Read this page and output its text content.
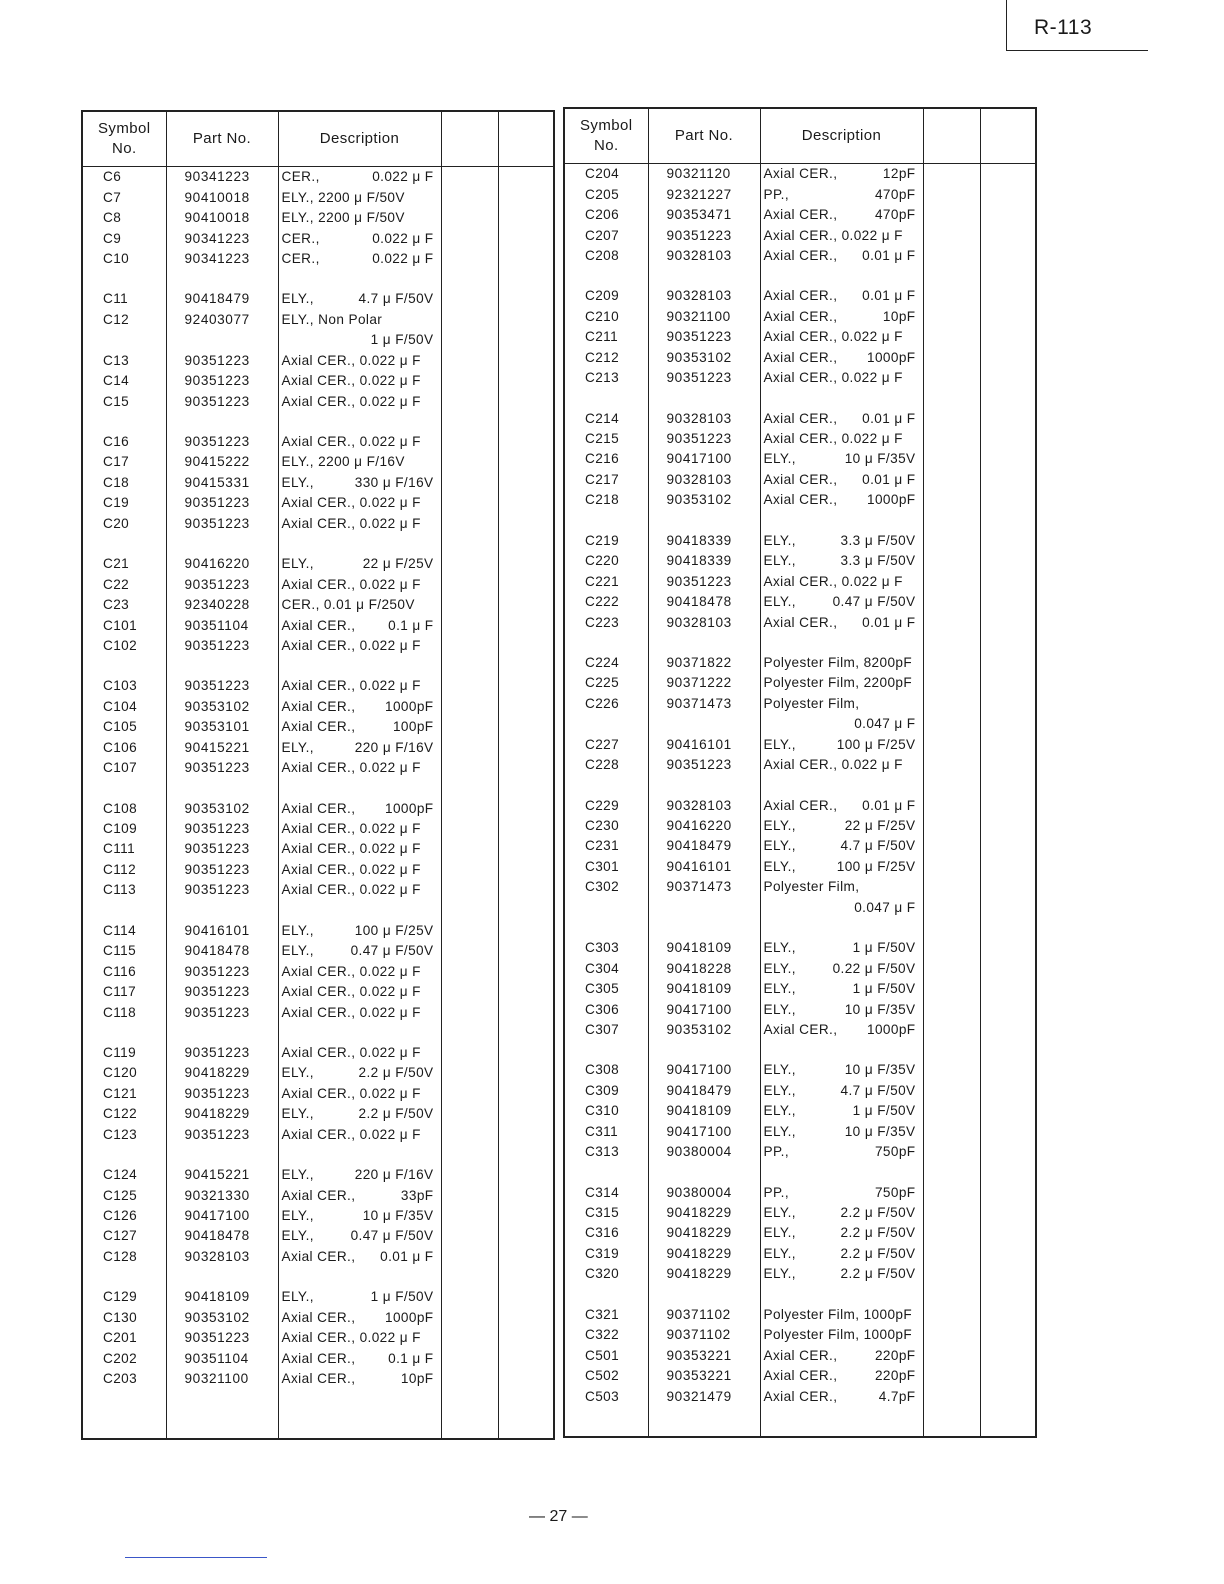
R-113
Symbol
No.	Part No.	Description		
C6	90341223	CER., 0.022 μ F		

C7	90410018	ELY., 2200 μ F/50V		

C8	90410018	ELY., 2200 μ F/50V		

C9	90341223	CER., 0.022 μ F		

C10	90341223	CER., 0.022 μ F		

C11	90418479	ELY., 4.7 μ F/50V		

C12	92403077	ELY., Non Polar		

		1 μ F/50V		

C13	90351223	Axial CER., 0.022 μ F		

C14	90351223	Axial CER., 0.022 μ F		

C15	90351223	Axial CER., 0.022 μ F		

C16	90351223	Axial CER., 0.022 μ F		

C17	90415222	ELY., 2200 μ F/16V		

C18	90415331	ELY., 330 μ F/16V		

C19	90351223	Axial CER., 0.022 μ F		

C20	90351223	Axial CER., 0.022 μ F		

C21	90416220	ELY., 22 μ F/25V		

C22	90351223	Axial CER., 0.022 μ F		

C23	92340228	CER., 0.01 μ F/250V		

C101	90351104	Axial CER., 0.1 μ F		

C102	90351223	Axial CER., 0.022 μ F		

C103	90351223	Axial CER., 0.022 μ F		

C104	90353102	Axial CER., 1000pF		

C105	90353101	Axial CER., 100pF		

C106	90415221	ELY., 220 μ F/16V		

C107	90351223	Axial CER., 0.022 μ F		

C108	90353102	Axial CER., 1000pF		

C109	90351223	Axial CER., 0.022 μ F		

C111	90351223	Axial CER., 0.022 μ F		

C112	90351223	Axial CER., 0.022 μ F		

C113	90351223	Axial CER., 0.022 μ F		

C114	90416101	ELY., 100 μ F/25V		

C115	90418478	ELY., 0.47 μ F/50V		

C116	90351223	Axial CER., 0.022 μ F		

C117	90351223	Axial CER., 0.022 μ F		

C118	90351223	Axial CER., 0.022 μ F		

C119	90351223	Axial CER., 0.022 μ F		

C120	90418229	ELY., 2.2 μ F/50V		

C121	90351223	Axial CER., 0.022 μ F		

C122	90418229	ELY., 2.2 μ F/50V		

C123	90351223	Axial CER., 0.022 μ F		

C124	90415221	ELY., 220 μ F/16V		

C125	90321330	Axial CER., 33pF		

C126	90417100	ELY., 10 μ F/35V		

C127	90418478	ELY., 0.47 μ F/50V		

C128	90328103	Axial CER., 0.01 μ F		

C129	90418109	ELY., 1 μ F/50V		

C130	90353102	Axial CER., 1000pF		

C201	90351223	Axial CER., 0.022 μ F		

C202	90351104	Axial CER., 0.1 μ F		

C203	90321100	Axial CER., 10pF		

Symbol
No.	Part No.	Description		
C204	90321120	Axial CER., 12pF		

C205	92321227	PP., 470pF		

C206	90353471	Axial CER., 470pF		

C207	90351223	Axial CER., 0.022 μ F		

C208	90328103	Axial CER., 0.01 μ F		

C209	90328103	Axial CER., 0.01 μ F		

C210	90321100	Axial CER., 10pF		

C211	90351223	Axial CER., 0.022 μ F		

C212	90353102	Axial CER., 1000pF		

C213	90351223	Axial CER., 0.022 μ F		

C214	90328103	Axial CER., 0.01 μ F		

C215	90351223	Axial CER., 0.022 μ F		

C216	90417100	ELY., 10 μ F/35V		

C217	90328103	Axial CER., 0.01 μ F		

C218	90353102	Axial CER., 1000pF		

C219	90418339	ELY., 3.3 μ F/50V		

C220	90418339	ELY., 3.3 μ F/50V		

C221	90351223	Axial CER., 0.022 μ F		

C222	90418478	ELY., 0.47 μ F/50V		

C223	90328103	Axial CER., 0.01 μ F		

C224	90371822	Polyester Film, 8200pF		

C225	90371222	Polyester Film, 2200pF		

C226	90371473	Polyester Film,		

		0.047 μ F		

C227	90416101	ELY., 100 μ F/25V		

C228	90351223	Axial CER., 0.022 μ F		

C229	90328103	Axial CER., 0.01 μ F		

C230	90416220	ELY., 22 μ F/25V		

C231	90418479	ELY., 4.7 μ F/50V		

C301	90416101	ELY., 100 μ F/25V		

C302	90371473	Polyester Film,		

		0.047 μ F		

C303	90418109	ELY., 1 μ F/50V		

C304	90418228	ELY., 0.22 μ F/50V		

C305	90418109	ELY., 1 μ F/50V		

C306	90417100	ELY., 10 μ F/35V		

C307	90353102	Axial CER., 1000pF		

C308	90417100	ELY., 10 μ F/35V		

C309	90418479	ELY., 4.7 μ F/50V		

C310	90418109	ELY., 1 μ F/50V		

C311	90417100	ELY., 10 μ F/35V		

C313	90380004	PP., 750pF		

C314	90380004	PP., 750pF		

C315	90418229	ELY., 2.2 μ F/50V		

C316	90418229	ELY., 2.2 μ F/50V		

C319	90418229	ELY., 2.2 μ F/50V		

C320	90418229	ELY., 2.2 μ F/50V		

C321	90371102	Polyester Film, 1000pF		

C322	90371102	Polyester Film, 1000pF		

C501	90353221	Axial CER., 220pF		

C502	90353221	Axial CER., 220pF		

C503	90321479	Axial CER., 4.7pF		

— 27 —
